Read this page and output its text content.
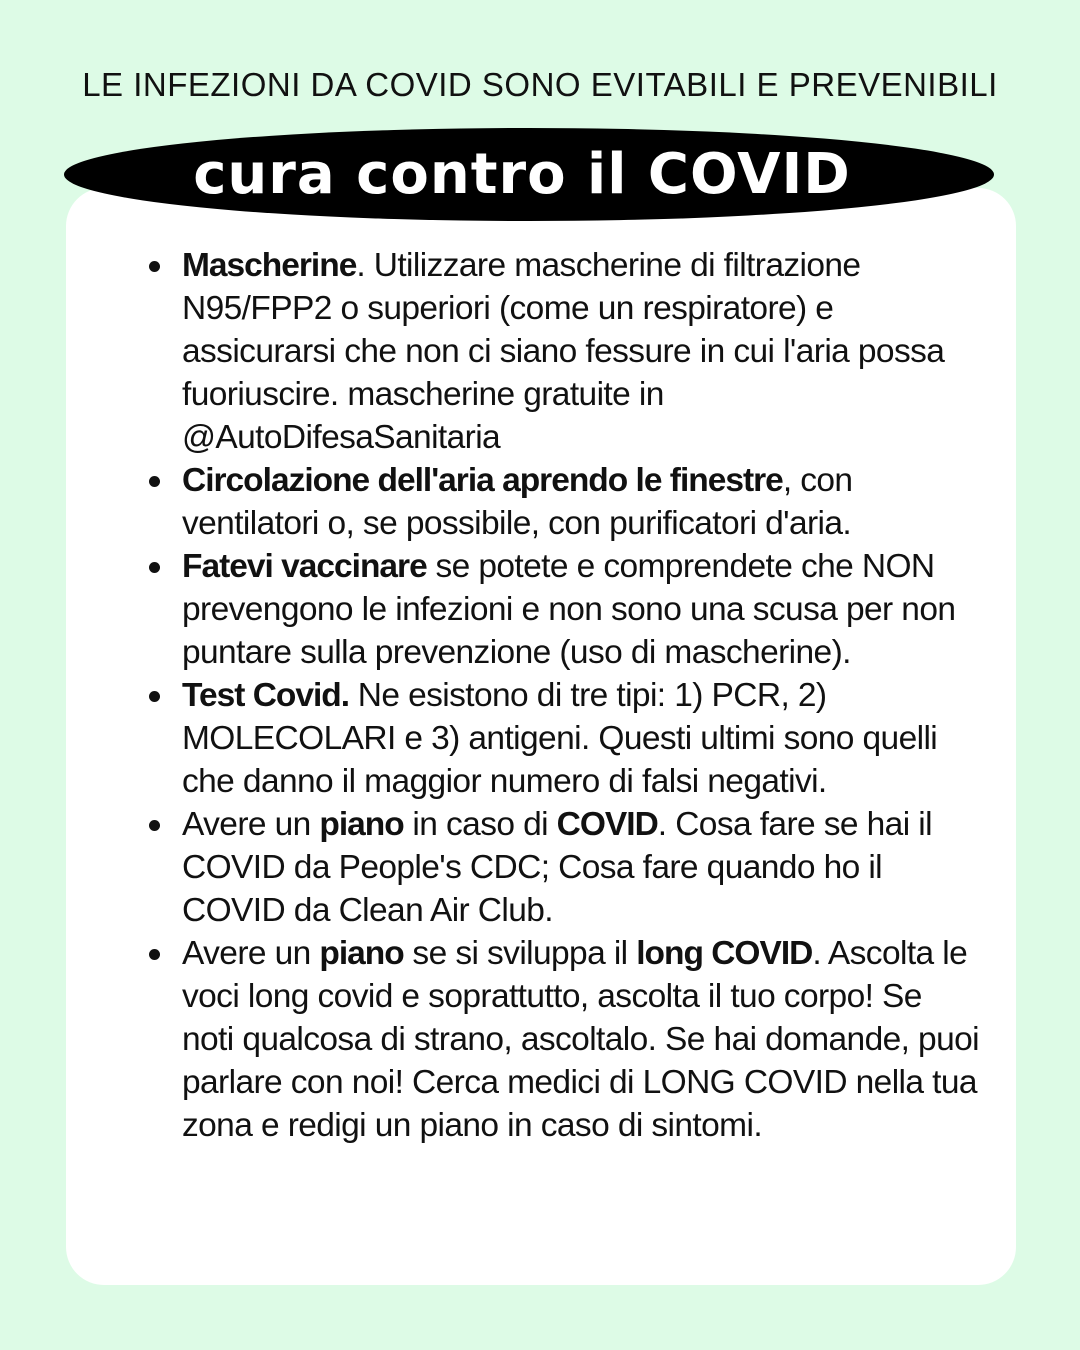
LE INFEZIONI DA COVID SONO EVITABILI E PREVENIBILI
cura contro il COVID
Mascherine. Utilizzare mascherine di filtrazione N95/FPP2 o superiori (come un respiratore) e assicurarsi che non ci siano fessure in cui l'aria possa fuoriuscire. mascherine gratuite in @AutoDifesaSanitaria
Circolazione dell'aria aprendo le finestre, con ventilatori o, se possibile, con purificatori d'aria.
Fatevi vaccinare se potete e comprendete che NON prevengono le infezioni e non sono una scusa per non puntare sulla prevenzione (uso di mascherine).
Test Covid. Ne esistono di tre tipi: 1) PCR, 2) MOLECOLARI e 3) antigeni. Questi ultimi sono quelli che danno il maggior numero di falsi negativi.
Avere un piano in caso di COVID. Cosa fare se hai il COVID da People's CDC; Cosa fare quando ho il COVID da Clean Air Club.
Avere un piano se si sviluppa il long COVID. Ascolta le voci long covid e soprattutto, ascolta il tuo corpo! Se noti qualcosa di strano, ascoltalo. Se hai domande, puoi parlare con noi! Cerca medici di LONG COVID nella tua zona e redigi un piano in caso di sintomi.
